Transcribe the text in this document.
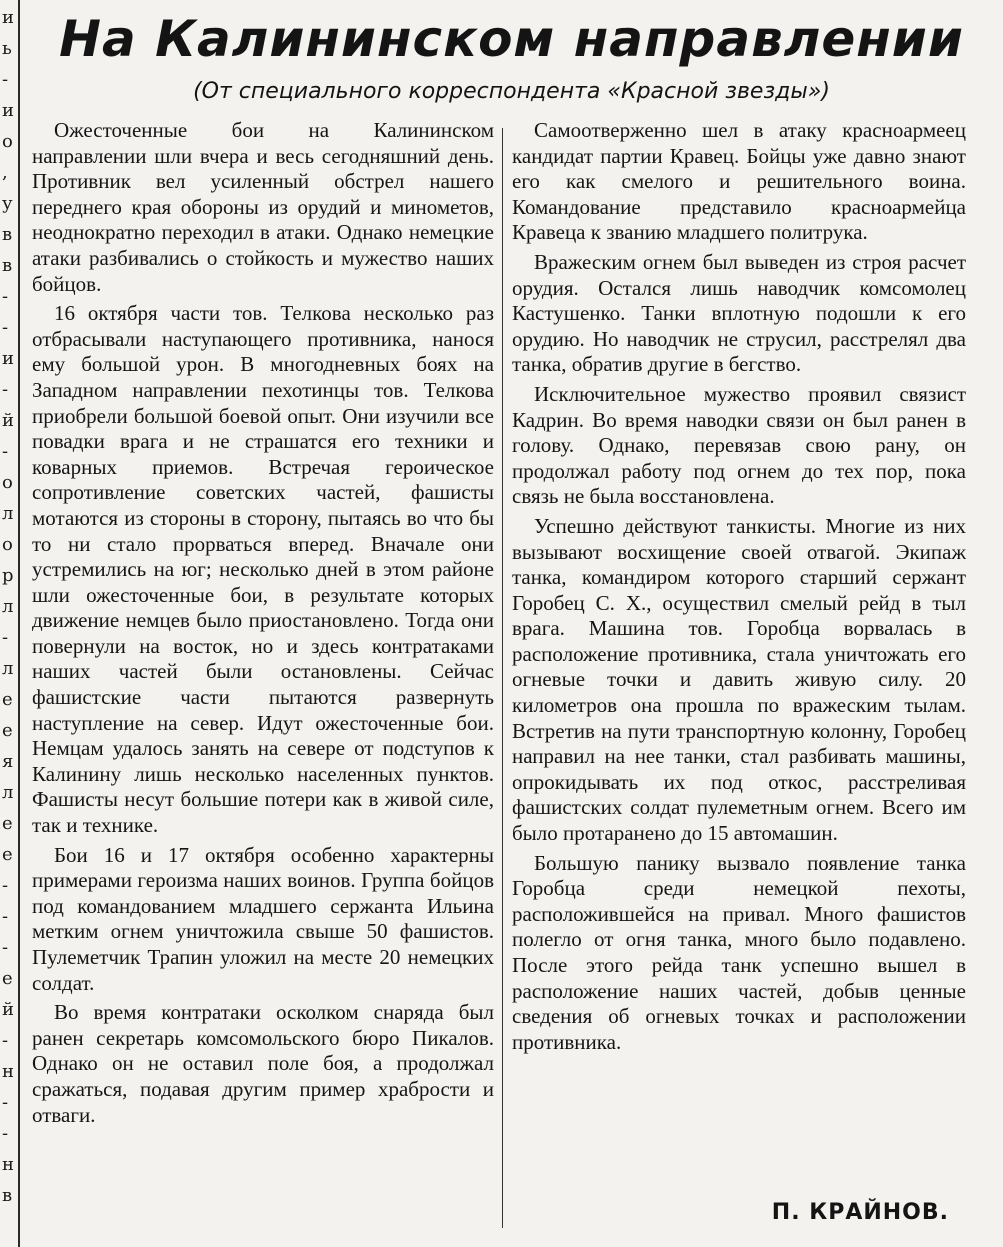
и
ь
-
и
о
,
у
в
в
-
-
и
-
й
-
о
л
о
р
л
-
л
е
е
я
л
е
е
-
-
-
е
й
-
н
-
-
н
в
На Калининском направлении
(От специального корреспондента «Красной звезды»)

Ожесточенные бои на Калининском направлении шли вчера и весь сегодняшний день. Противник вел усиленный обстрел нашего переднего края обороны из орудий и минометов, неоднократно переходил в атаки. Однако немецкие атаки разбивались о стойкость и мужество наших бойцов.

16 октября части тов. Телкова несколько раз отбрасывали наступающего противника, нанося ему большой урон. В многодневных боях на Западном направлении пехотинцы тов. Телкова приобрели большой боевой опыт. Они изучили все повадки врага и не страшатся его техники и коварных приемов. Встречая героическое сопротивление советских частей, фашисты мотаются из стороны в сторону, пытаясь во что бы то ни стало прорваться вперед. Вначале они устремились на юг; несколько дней в этом районе шли ожесточенные бои, в результате которых движение немцев было приостановлено. Тогда они повернули на восток, но и здесь контратаками наших частей были остановлены. Сейчас фашистские части пытаются развернуть наступление на север. Идут ожесточенные бои. Немцам удалось занять на севере от подступов к Калинину лишь несколько населенных пунктов. Фашисты несут большие потери как в живой силе, так и технике.

Бои 16 и 17 октября особенно характерны примерами героизма наших воинов. Группа бойцов под командованием младшего сержанта Ильина метким огнем уничтожила свыше 50 фашистов. Пулеметчик Трапин уложил на месте 20 немецких солдат.

Во время контратаки осколком снаряда был ранен секретарь комсомольского бюро Пикалов. Однако он не оставил поле боя, а продолжал сражаться, подавая другим пример храбрости и отваги.

Самоотверженно шел в атаку красноармеец кандидат партии Кравец. Бойцы уже давно знают его как смелого и решительного воина. Командование представило красноармейца Кравеца к званию младшего политрука.

Вражеским огнем был выведен из строя расчет орудия. Остался лишь наводчик комсомолец Кастушенко. Танки вплотную подошли к его орудию. Но наводчик не струсил, расстрелял два танка, обратив другие в бегство.

Исключительное мужество проявил связист Кадрин. Во время наводки связи он был ранен в голову. Однако, перевязав свою рану, он продолжал работу под огнем до тех пор, пока связь не была восстановлена.

Успешно действуют танкисты. Многие из них вызывают восхищение своей отвагой. Экипаж танка, командиром которого старший сержант Горобец С. Х., осуществил смелый рейд в тыл врага. Машина тов. Горобца ворвалась в расположение противника, стала уничтожать его огневые точки и давить живую силу. 20 километров она прошла по вражеским тылам. Встретив на пути транспортную колонну, Горобец направил на нее танки, стал разбивать машины, опрокидывать их под откос, расстреливая фашистских солдат пулеметным огнем. Всего им было протаранено до 15 автомашин.

Большую панику вызвало появление танка Горобца среди немецкой пехоты, расположившейся на привал. Много фашистов полегло от огня танка, много было подавлено. После этого рейда танк успешно вышел в расположение наших частей, добыв ценные сведения об огневых точках и расположении противника.

П. КРАЙНОВ.
